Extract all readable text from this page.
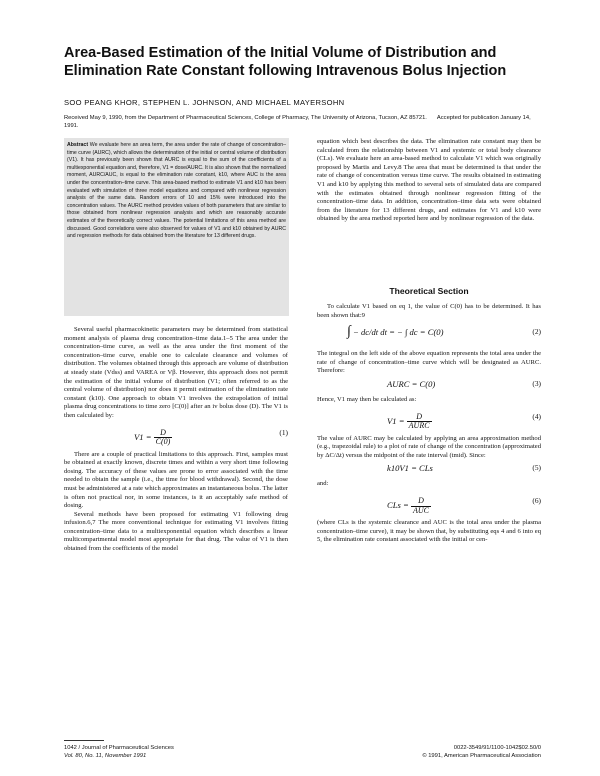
Area-Based Estimation of the Initial Volume of Distribution and Elimination Rate Constant following Intravenous Bolus Injection
SOO PEANG KHOR, STEPHEN L. JOHNSON, AND MICHAEL MAYERSOHN
Received May 9, 1990, from the Department of Pharmaceutical Sciences, College of Pharmacy, The University of Arizona, Tucson, AZ 85721. Accepted for publication January 14, 1991.
Abstract We evaluate here an area term, the area under the rate of change of concentration–time curve (AURC), which allows the determination of the initial or central volume of distribution (V1). It has previously been shown that AURC is equal to the sum of the coefficients of a multiexponential equation and, therefore, V1 = dose/AURC. It is also shown that the normalized moment, AURC/AUC, is equal to the elimination rate constant, k10, where AUC is the area under the concentration–time curve. This area-based method to estimate V1 and k10 has been evaluated with simulation of three model equations and compared with nonlinear regression analysis of the same data. Random errors of 10 and 15% were introduced into the concentration values. The AURC method provides values of both parameters that are similar to those obtained from nonlinear regression analysis and which are reasonably accurate estimates of the theoretically correct values. The potential limitations of this area method are discussed. Good correlations were also observed for values of V1 and k10 obtained by AURC and regression methods for data obtained from the literature for 13 different drugs.

Several useful pharmacokinetic parameters may be determined from statistical moment analysis of plasma drug concentration–time data.1–5 The area under the concentration–time curve, as well as the area under the first moment of the concentration–time curve, enable one to calculate clearance and volumes of distribution. The volumes obtained through this approach are volume of distribution at steady state (Vdss) and VAREA or Vβ. However, this approach does not permit the estimation of the initial volume of distribution (V1; often referred to as the central volume of distribution) nor does it permit estimation of the elimination rate constant (k10). One approach to obtain V1 involves the extrapolation of initial plasma drug concentrations to time zero [C(0)] after an iv bolus dose (D). The V1 is then calculated by:

$V1 = \frac{D}{C(0)}$	(1)

There are a couple of practical limitations to this approach. First, samples must be obtained at exactly known, discrete times and within a very short time following dosing. The accuracy of these values are prone to error associated with the time needed to obtain the sample (i.e., the time for blood withdrawal). Second, the dose must be administered at a rate which approximates an instantaneous bolus. The latter is often not practical nor, in some instances, is it an acceptably safe method of dosing.

Several methods have been proposed for estimating V1 following drug infusion.6,7 The more conventional technique for estimating V1 involves fitting concentration–time data to a multiexponential equation which describes a linear multicompartmental model most appropriate for that drug. The value of V1 is then obtained from the coefficients of the model

equation which best describes the data. The elimination rate constant may then be calculated from the relationship between V1 and systemic or total body clearance (CLs). We evaluate here an area-based method to calculate V1 which was originally proposed by Martis and Levy.8 The area that must be determined is that under the rate of change of concentration versus time curve. The results obtained in estimating V1 and k10 by applying this method to several sets of simulated data are compared with the estimates obtained through nonlinear regression fitting of the concentration–time data. In addition, concentration–time data sets were obtained from the literature for 13 different drugs, and estimates for V1 and k10 were obtained by the area method reported here and by nonlinear regression of the data.

Theoretical Section

To calculate V1 based on eq 1, the value of C(0) has to be determined. It has been shown that:9

∫ − dc/dt dt = − ∫ dc = C(0)	(2)

The integral on the left side of the above equation represents the total area under the rate of change of concentration–time curve which will be designated as AURC. Therefore:

AURC = C(0)	(3)

Hence, V1 may then be calculated as:

$V1 = \frac{D}{\text{AURC}}$	(4)

The value of AURC may be calculated by applying an area approximation method (e.g., trapezoidal rule) to a plot of rate of change of the concentration (approximated by ΔC/Δt) versus the midpoint of the rate interval (tmid). Since:

k10V1 = CLs	(5)

and:

CLs = $\frac{D}{\text{AUC}}$	(6)

(where CLs is the systemic clearance and AUC is the total area under the plasma concentration–time curve), it may be shown that, by substituting eqs 4 and 6 into eq 5, the elimination rate constant associated with the initial or cen-

1042 / Journal of Pharmaceutical Sciences
Vol. 80, No. 11, November 1991
0022-3549/91/1100-1042$02.50/0
© 1991, American Pharmaceutical Association
